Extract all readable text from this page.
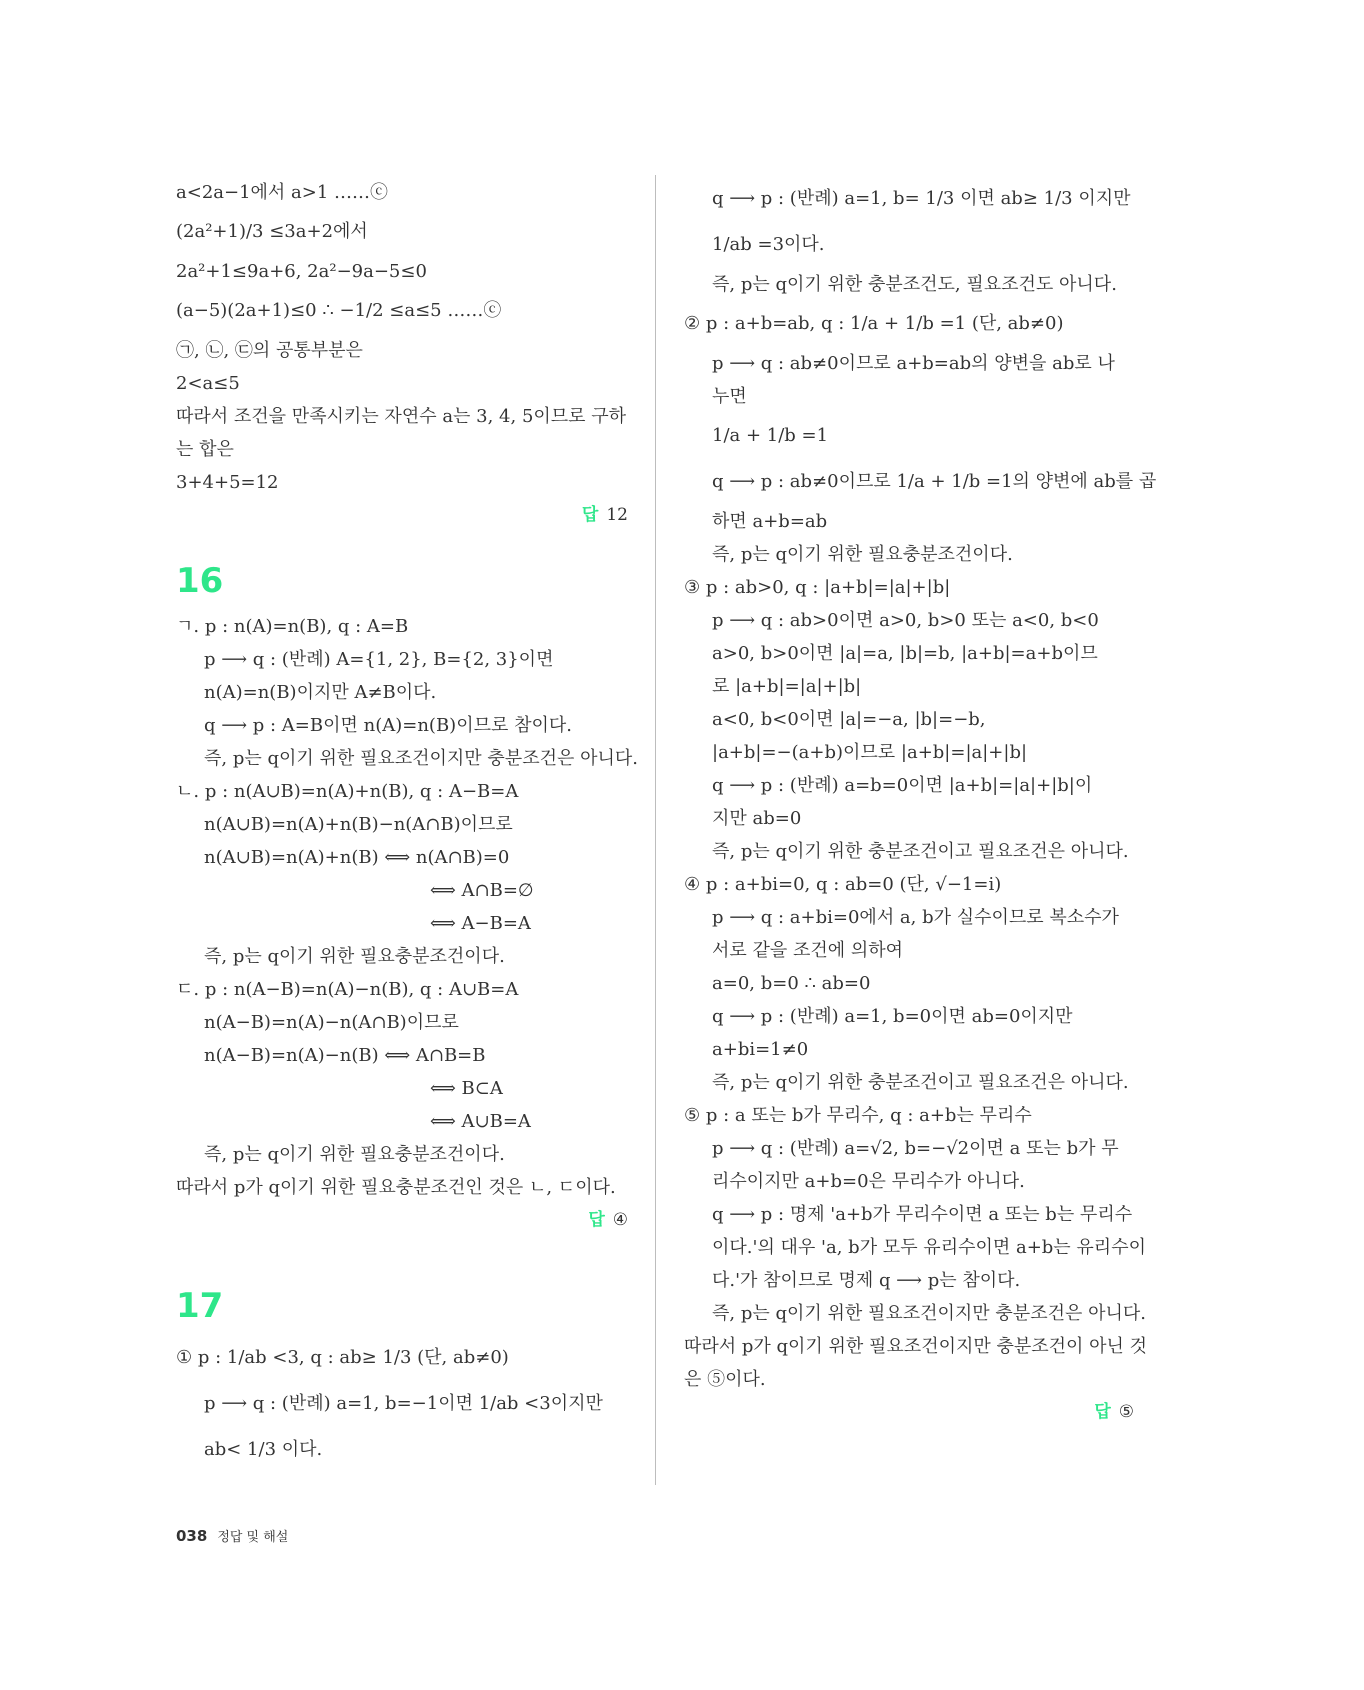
a<2a−1에서 a>1 ……ⓒ
(2a²+1)/3 ≤3a+2에서
2a²+1≤9a+6, 2a²−9a−5≤0
(a−5)(2a+1)≤0 ∴ −1/2 ≤a≤5 ……ⓒ
㉠, ㉡, ㉢의 공통부분은
2<a≤5
따라서 조건을 만족시키는 자연수 a는 3, 4, 5이므로 구하
는 합은
3+4+5=12
답 12
16
ㄱ. p : n(A)=n(B), q : A=B
p ⟶ q : (반례) A={1, 2}, B={2, 3}이면
n(A)=n(B)이지만 A≠B이다.
q ⟶ p : A=B이면 n(A)=n(B)이므로 참이다.
즉, p는 q이기 위한 필요조건이지만 충분조건은 아니다.
ㄴ. p : n(A∪B)=n(A)+n(B), q : A−B=A
n(A∪B)=n(A)+n(B)−n(A∩B)이므로
n(A∪B)=n(A)+n(B) ⟺ n(A∩B)=0
⟺ A∩B=∅
⟺ A−B=A
즉, p는 q이기 위한 필요충분조건이다.
ㄷ. p : n(A−B)=n(A)−n(B), q : A∪B=A
n(A−B)=n(A)−n(A∩B)이므로
n(A−B)=n(A)−n(B) ⟺ A∩B=B
⟺ B⊂A
⟺ A∪B=A
즉, p는 q이기 위한 필요충분조건이다.
따라서 p가 q이기 위한 필요충분조건인 것은 ㄴ, ㄷ이다.
답 ④
17
① p : 1/ab <3, q : ab≥ 1/3 (단, ab≠0)
p ⟶ q : (반례) a=1, b=−1이면 1/ab <3이지만
ab< 1/3 이다.
q ⟶ p : (반례) a=1, b= 1/3 이면 ab≥ 1/3 이지만
1/ab =3이다.
즉, p는 q이기 위한 충분조건도, 필요조건도 아니다.
② p : a+b=ab, q : 1/a + 1/b =1 (단, ab≠0)
p ⟶ q : ab≠0이므로 a+b=ab의 양변을 ab로 나
누면
1/a + 1/b =1
q ⟶ p : ab≠0이므로 1/a + 1/b =1의 양변에 ab를 곱
하면 a+b=ab
즉, p는 q이기 위한 필요충분조건이다.
③ p : ab>0, q : |a+b|=|a|+|b|
p ⟶ q : ab>0이면 a>0, b>0 또는 a<0, b<0
a>0, b>0이면 |a|=a, |b|=b, |a+b|=a+b이므
로 |a+b|=|a|+|b|
a<0, b<0이면 |a|=−a, |b|=−b,
|a+b|=−(a+b)이므로 |a+b|=|a|+|b|
q ⟶ p : (반례) a=b=0이면 |a+b|=|a|+|b|이
지만 ab=0
즉, p는 q이기 위한 충분조건이고 필요조건은 아니다.
④ p : a+bi=0, q : ab=0 (단, √−1=i)
p ⟶ q : a+bi=0에서 a, b가 실수이므로 복소수가
서로 같을 조건에 의하여
a=0, b=0 ∴ ab=0
q ⟶ p : (반례) a=1, b=0이면 ab=0이지만
a+bi=1≠0
즉, p는 q이기 위한 충분조건이고 필요조건은 아니다.
⑤ p : a 또는 b가 무리수, q : a+b는 무리수
p ⟶ q : (반례) a=√2, b=−√2이면 a 또는 b가 무
리수이지만 a+b=0은 무리수가 아니다.
q ⟶ p : 명제 'a+b가 무리수이면 a 또는 b는 무리수
이다.'의 대우 'a, b가 모두 유리수이면 a+b는 유리수이
다.'가 참이므로 명제 q ⟶ p는 참이다.
즉, p는 q이기 위한 필요조건이지만 충분조건은 아니다.
따라서 p가 q이기 위한 필요조건이지만 충분조건이 아닌 것
은 ⑤이다.
답 ⑤
038 정답 및 해설
